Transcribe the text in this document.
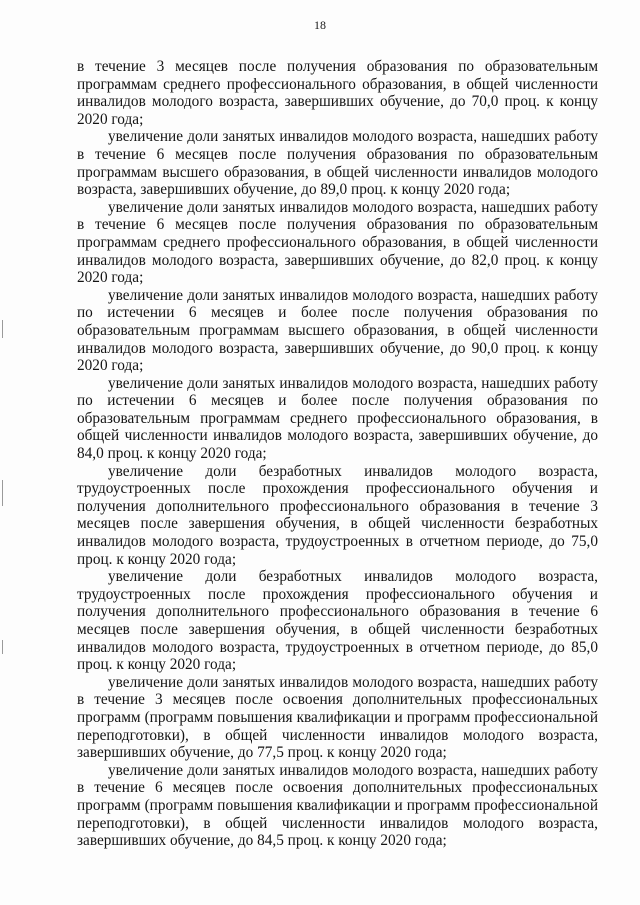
18

в течение 3 месяцев после получения образования по образовательным программам среднего профессионального образования, в общей численности инвалидов молодого возраста, завершивших обучение, до 70,0 проц. к концу 2020 года;

увеличение доли занятых инвалидов молодого возраста, нашедших работу в течение 6 месяцев после получения образования по образовательным программам высшего образования, в общей численности инвалидов молодого возраста, завершивших обучение, до 89,0 проц. к концу 2020 года;

увеличение доли занятых инвалидов молодого возраста, нашедших работу в течение 6 месяцев после получения образования по образовательным программам среднего профессионального образования, в общей численности инвалидов молодого возраста, завершивших обучение, до 82,0 проц. к концу 2020 года;

увеличение доли занятых инвалидов молодого возраста, нашедших работу по истечении 6 месяцев и более после получения образования по образовательным программам высшего образования, в общей численности инвалидов молодого возраста, завершивших обучение, до 90,0 проц. к концу 2020 года;

увеличение доли занятых инвалидов молодого возраста, нашедших работу по истечении 6 месяцев и более после получения образования по образовательным программам среднего профессионального образования, в общей численности инвалидов молодого возраста, завершивших обучение, до 84,0 проц. к концу 2020 года;

увеличение доли безработных инвалидов молодого возраста, трудоустроенных после прохождения профессионального обучения и получения дополнительного профессионального образования в течение 3 месяцев после завершения обучения, в общей численности безработных инвалидов молодого возраста, трудоустроенных в отчетном периоде, до 75,0 проц. к концу 2020 года;

увеличение доли безработных инвалидов молодого возраста, трудоустроенных после прохождения профессионального обучения и получения дополнительного профессионального образования в течение 6 месяцев после завершения обучения, в общей численности безработных инвалидов молодого возраста, трудоустроенных в отчетном периоде, до 85,0 проц. к концу 2020 года;

увеличение доли занятых инвалидов молодого возраста, нашедших работу в течение 3 месяцев после освоения дополнительных профессиональных программ (программ повышения квалификации и программ профессиональной переподготовки), в общей численности инвалидов молодого возраста, завершивших обучение, до 77,5 проц. к концу 2020 года;

увеличение доли занятых инвалидов молодого возраста, нашедших работу в течение 6 месяцев после освоения дополнительных профессиональных программ (программ повышения квалификации и программ профессиональной переподготовки), в общей численности инвалидов молодого возраста, завершивших обучение, до 84,5 проц. к концу 2020 года;
